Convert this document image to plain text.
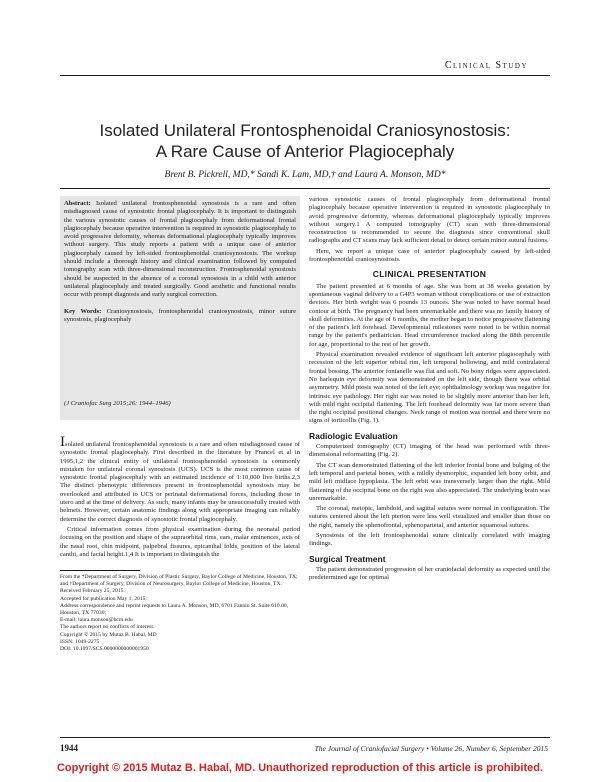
Clinical Study
Isolated Unilateral Frontosphenoidal Craniosynostosis:
A Rare Cause of Anterior Plagiocephaly
Brent B. Pickrell, MD,* Sandi K. Lam, MD,† and Laura A. Monson, MD*

Abstract: Isolated unilateral frontosphenoidal synostosis is a rare and often misdiagnosed cause of synostotic frontal plagiocephaly. It is important to distinguish the various synostotic causes of frontal plagiocephaly from deformational frontal plagiocephaly because operative intervention is required in synostotic plagiocephaly to avoid progressive deformity, whereas deformational plagiocephaly typically improves without surgery. This study reports a patient with a unique case of anterior plagiocephaly caused by left-sided frontosphenoidal craniosynostosis. The workup should include a thorough history and clinical examination followed by computed tomography scan with three-dimensional reconstruction. Frontosphenoidal synostosis should be suspected in the absence of a coronal synostosis in a child with anterior unilateral plagiocephaly and treated surgically. Good aesthetic and functional results occur with prompt diagnosis and early surgical correction.

Key Words: Craniosynostosis, frontosphenoidal craniosynostosis, minor suture synostosis, plagiocephaly

(J Craniofac Surg 2015;26: 1944–1946)

Isolated unilateral frontosphenoidal synostosis is a rare and often misdiagnosed cause of synostotic frontal plagiocephaly. First described in the literature by Francel et al in 1995,1,2 the clinical entity of unilateral frontosphenoidal synostosis is commonly mistaken for unilateral coronal synostosis (UCS). UCS is the most common cause of synostotic frontal plagiocephaly with an estimated incidence of 1:10,000 live births.2,3 The distinct phenotypic differences present in frontosphenoidal synostosis may be overlooked and attributed to UCS or perinatal deformational forces, including those in utero and at the time of delivery. As such, many infants may be unsuccessfully treated with helmets. However, certain anatomic findings along with appropriate imaging can reliably determine the correct diagnosis of synostotic frontal plagiocephaly.

Critical information comes from physical examination during the neonatal period focusing on the position and shape of the supraorbital rims, ears, malar eminences, axis of the nasal root, chin midpoint, palpebral fissures, epicanthal folds, position of the lateral canthi, and facial height.1,4 It is important to distinguish the

From the *Department of Surgery, Division of Plastic Surgery, Baylor College of Medicine, Houston, TX; and †Department of Surgery, Division of Neurosurgery, Baylor College of Medicine, Houston, TX.

Received February 25, 2015.

Accepted for publication May 1, 2015.

Address correspondence and reprint requests to Laura A. Monson, MD, 6701 Fannin St. Suite 610.00, Houston, TX 77030;

E-mail: laura.monson@bcm.edu

The authors report no conflicts of interest.

Copyright © 2015 by Mutaz B. Habal, MD

ISSN: 1049-2275

DOI: 10.1097/SCS.0000000000001950

various synostotic causes of frontal plagiocephaly from deformational frontal plagiocephaly because operative intervention is required in synostotic plagiocephaly to avoid progressive deformity, whereas deformational plagiocephaly typically improves without surgery.1 A computed tomography (CT) scan with three-dimensional reconstruction is recommended to secure the diagnosis since conventional skull radiographs and CT scans may lack sufficient detail to detect certain minor sutural fusions.

Here, we report a unique case of anterior plagiocephaly caused by left-sided frontosphenoidal craniosynostosis.

CLINICAL PRESENTATION

The patient presented at 6 months of age. She was born at 38 weeks gestation by spontaneous vaginal delivery to a G4P3 woman without complications or use of extraction devices. Her birth weight was 6 pounds 13 ounces. She was noted to have normal head contour at birth. The pregnancy had been unremarkable and there was no family history of skull deformities. At the age of 6 months, the mother began to notice progressive flattening of the patient's left forehead. Developmental milestones were noted to be within normal range by the patient's pediatrician. Head circumference tracked along the 88th percentile for age, proportional to the rest of her growth.

Physical examination revealed evidence of significant left anterior plagiocephaly with recession of the left superior orbital rim, left temporal hollowing, and mild contralateral frontal bossing. The anterior fontanelle was flat and soft. No bony ridges were appreciated. No harlequin eye deformity was demonstrated on the left side, though there was orbital asymmetry. Mild ptosis was noted of the left eye; ophthalmology workup was negative for intrinsic eye pathology. Her right ear was noted to be slightly more anterior than her left, with mild right occipital flattening. The left forehead deformity was far more severe than the right occipital positional changes. Neck range of motion was normal and there were no signs of torticollis (Fig. 1).

Radiologic Evaluation

Computerized tomography (CT) imaging of the head was performed with three-dimensional reformatting (Fig. 2).

The CT scan demonstrated flattening of the left inferior frontal bone and bulging of the left temporal and parietal bones, with a mildly dysmorphic, expanded left bony orbit, and mild left midface hypoplasia. The left orbit was transversely larger than the right. Mild flattening of the occipital bone on the right was also appreciated. The underlying brain was unremarkable.

The coronal, metopic, lambdoid, and sagittal sutures were normal in configuration. The sutures centered about the left pterion were less well visualized and smaller than those on the right, namely the sphenofrontal, sphenoparietal, and anterior squamosal sutures.

Synostosis of the left frontosphenoidal suture clinically correlated with imaging findings.

Surgical Treatment

The patient demonstrated progression of her craniofacial deformity as expected until the predetermined age for optimal

1944	The Journal of Craniofacial Surgery • Volume 26, Number 6, September 2015
Copyright © 2015 Mutaz B. Habal, MD. Unauthorized reproduction of this article is prohibited.
